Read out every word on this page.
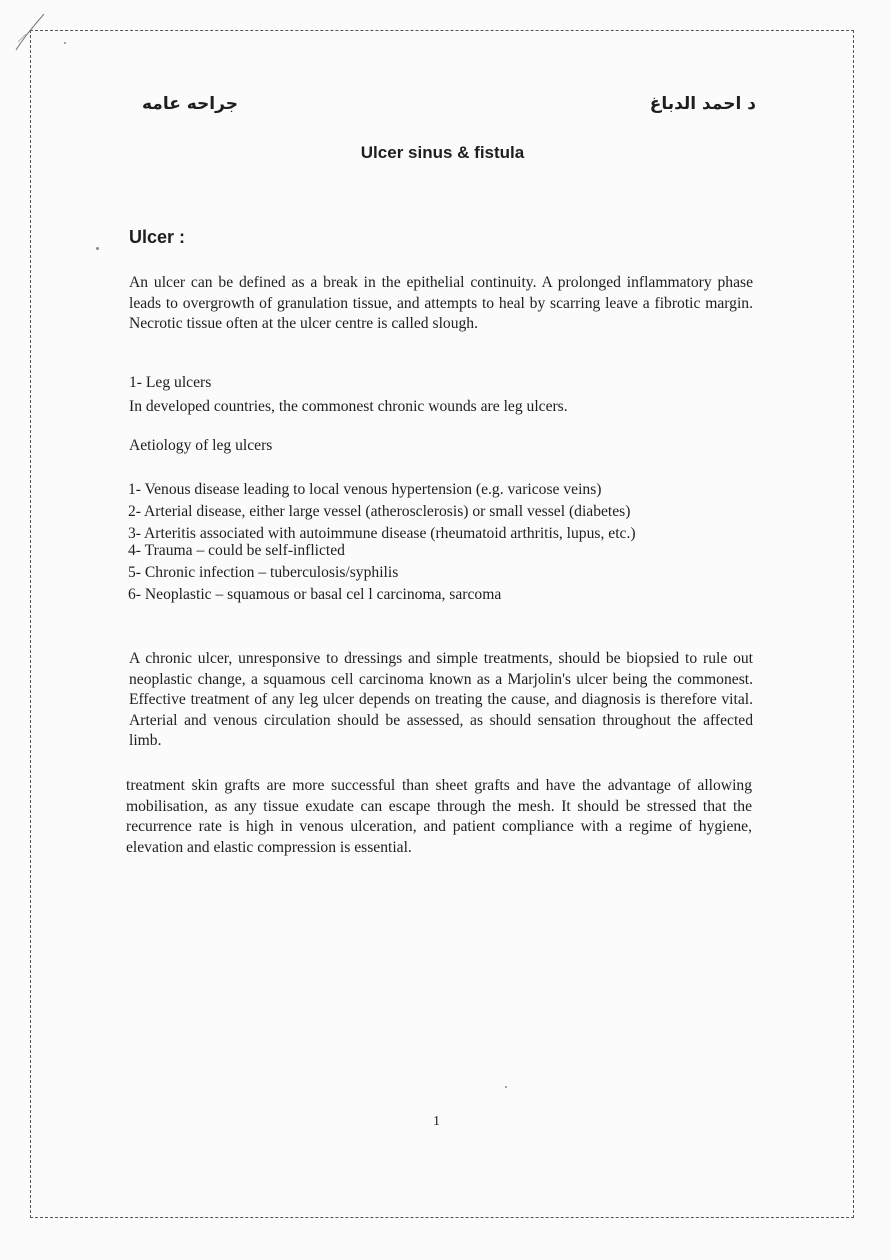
جراحه عامه	د احمد الدباغ
Ulcer sinus & fistula
Ulcer :
An ulcer can be defined as a break in the epithelial continuity. A prolonged inflammatory phase leads to overgrowth of granulation tissue, and attempts to heal by scarring leave a fibrotic margin. Necrotic tissue often at the ulcer centre is called slough.
1- Leg ulcers
In developed countries, the commonest chronic wounds are leg ulcers.
Aetiology of leg ulcers
1- Venous disease leading to local venous hypertension (e.g. varicose veins)
2- Arterial disease, either large vessel (atherosclerosis) or small vessel (diabetes)
3- Arteritis associated with autoimmune disease (rheumatoid arthritis, lupus, etc.)
4- Trauma – could be self-inflicted
5- Chronic infection – tuberculosis/syphilis
6- Neoplastic – squamous or basal cel l carcinoma, sarcoma
A chronic ulcer, unresponsive to dressings and simple treatments, should be biopsied to rule out neoplastic change, a squamous cell carcinoma known as a Marjolin's ulcer being the commonest. Effective treatment of any leg ulcer depends on treating the cause, and diagnosis is therefore vital. Arterial and venous circulation should be assessed, as should sensation throughout the affected limb.
treatment skin grafts are more successful than sheet grafts and have the advantage of allowing mobilisation, as any tissue exudate can escape through the mesh. It should be stressed that the recurrence rate is high in venous ulceration, and patient compliance with a regime of hygiene, elevation and elastic compression is essential.
1
